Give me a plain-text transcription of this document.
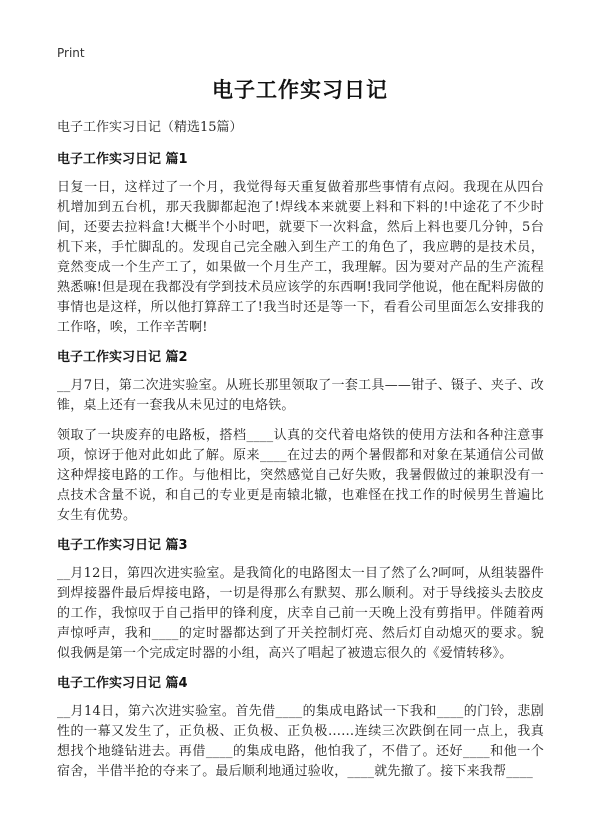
Print
电子工作实习日记
电子工作实习日记（精选15篇）
电子工作实习日记 篇1

日复一日，这样过了一个月，我觉得每天重复做着那些事情有点闷。我现在从四台机增加到五台机，那天我脚都起泡了!焊线本来就要上料和下料的!中途花了不少时间，还要去拉料盒!大概半个小时吧，就要下一次料盒，然后上料也要几分钟，5台机下来，手忙脚乱的。发现自己完全融入到生产工的角色了，我应聘的是技术员，竟然变成一个生产工了，如果做一个月生产工，我理解。因为要对产品的生产流程熟悉嘛!但是现在我都没有学到技术员应该学的东西啊!我同学他说，他在配料房做的事情也是这样，所以他打算辞工了!我当时还是等一下，看看公司里面怎么安排我的工作咯，唉，工作辛苦啊!

电子工作实习日记 篇2

__月7日，第二次进实验室。从班长那里领取了一套工具——钳子、镊子、夹子、改锥，桌上还有一套我从未见过的电烙铁。

领取了一块废弃的电路板，搭档____认真的交代着电烙铁的使用方法和各种注意事项，惊讶于他对此如此了解。原来____在过去的两个暑假都和对象在某通信公司做这种焊接电路的工作。与他相比，突然感觉自己好失败，我暑假做过的兼职没有一点技术含量不说，和自己的专业更是南辕北辙，也难怪在找工作的时候男生普遍比女生有优势。

电子工作实习日记 篇3

__月12日，第四次进实验室。是我简化的电路图太一目了然了么?呵呵，从组装器件到焊接器件最后焊接电路，一切是得那么有默契、那么顺利。对于导线接头去胶皮的工作，我惊叹于自己指甲的锋利度，庆幸自己前一天晚上没有剪指甲。伴随着两声惊呼声，我和____的定时器都达到了开关控制灯亮、然后灯自动熄灭的要求。貌似我俩是第一个完成定时器的小组，高兴了唱起了被遗忘很久的《爱情转移》。

电子工作实习日记 篇4

__月14日，第六次进实验室。首先借____的集成电路试一下我和____的门铃，悲剧性的一幕又发生了，正负极、正负极、正负极……连续三次跌倒在同一点上，我真想找个地缝钻进去。再借____的集成电路，他怕我了，不借了。还好____和他一个宿舍，半借半抢的夺来了。最后顺利地通过验收，____就先撤了。接下来我帮____
